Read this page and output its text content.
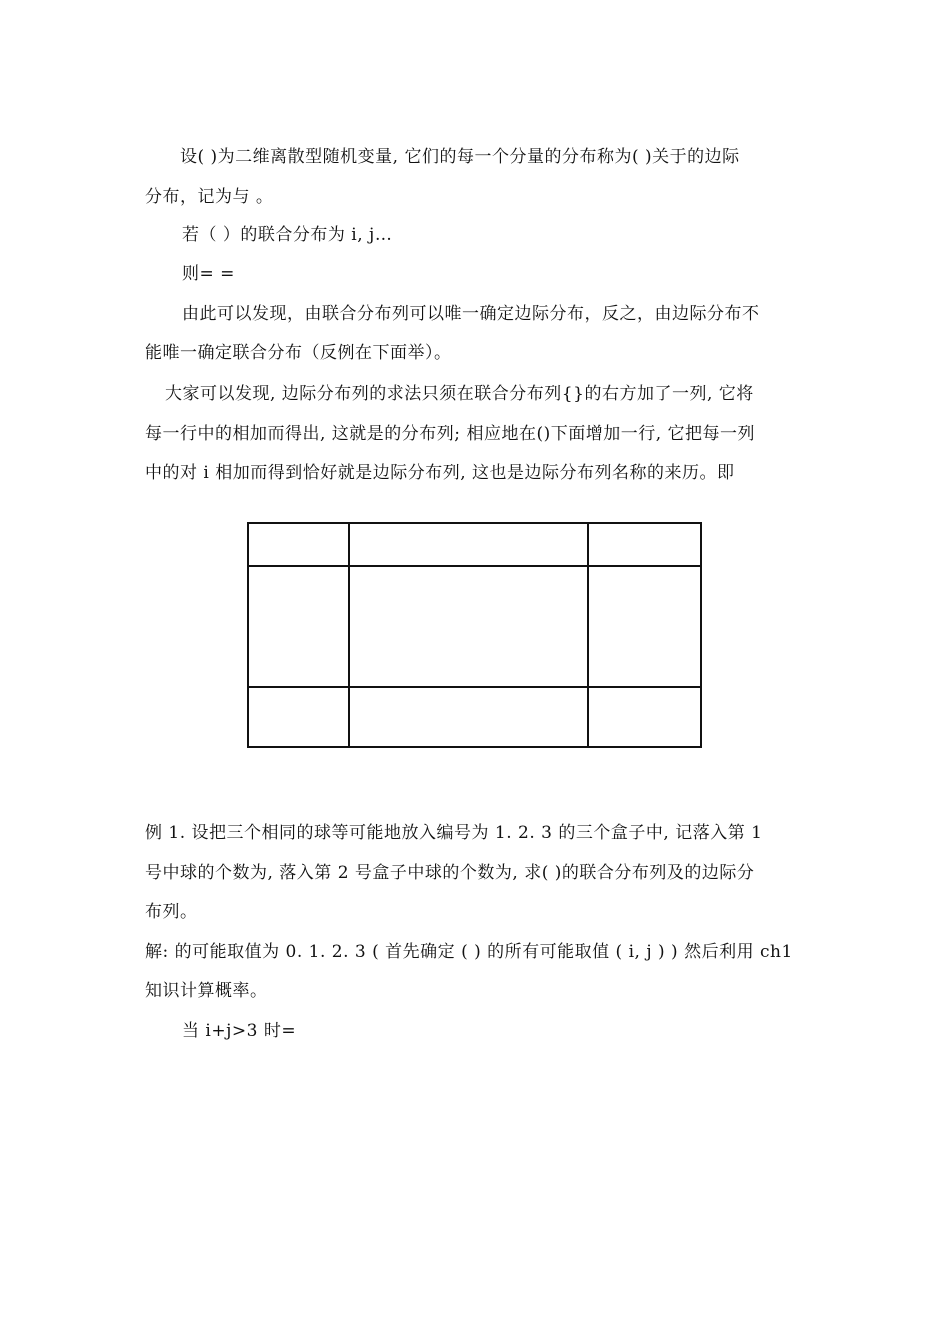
设( )为二维离散型随机变量, 它们的每一个分量的分布称为( )关于的边际
分布，记为与 。
若（ ）的联合分布为 i, j…
则= =
由此可以发现，由联合分布列可以唯一确定边际分布，反之，由边际分布不
能唯一确定联合分布（反例在下面举）。
大家可以发现, 边际分布列的求法只须在联合分布列{}的右方加了一列, 它将
每一行中的相加而得出, 这就是的分布列; 相应地在()下面增加一行, 它把每一列
中的对 i 相加而得到恰好就是边际分布列, 这也是边际分布列名称的来历。即
例 1. 设把三个相同的球等可能地放入编号为 1. 2. 3 的三个盒子中, 记落入第 1
号中球的个数为, 落入第 2 号盒子中球的个数为, 求( )的联合分布列及的边际分
布列。
解: 的可能取值为 0. 1. 2. 3 ( 首先确定 ( ) 的所有可能取值 ( i, j ) ) 然后利用 ch1
知识计算概率。
当 i+j>3 时=
